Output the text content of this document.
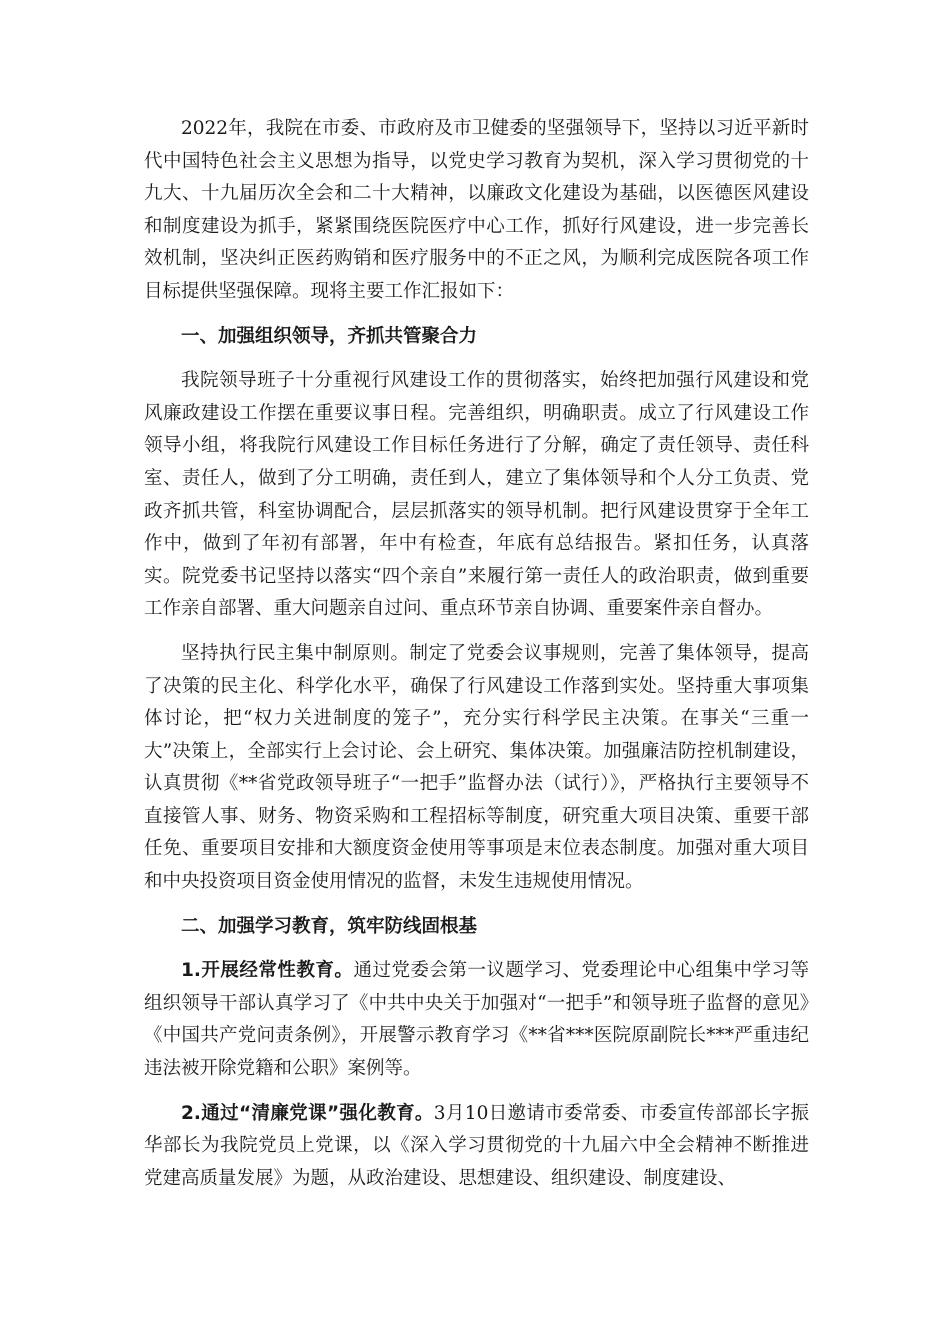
2022年，我院在市委、市政府及市卫健委的坚强领导下，坚持以习近平新时代中国特色社会主义思想为指导，以党史学习教育为契机，深入学习贯彻党的十九大、十九届历次全会和二十大精神，以廉政文化建设为基础，以医德医风建设和制度建设为抓手，紧紧围绕医院医疗中心工作，抓好行风建设，进一步完善长效机制，坚决纠正医药购销和医疗服务中的不正之风，为顺利完成医院各项工作目标提供坚强保障。现将主要工作汇报如下：

一、加强组织领导，齐抓共管聚合力

我院领导班子十分重视行风建设工作的贯彻落实，始终把加强行风建设和党风廉政建设工作摆在重要议事日程。完善组织，明确职责。成立了行风建设工作领导小组，将我院行风建设工作目标任务进行了分解，确定了责任领导、责任科室、责任人，做到了分工明确，责任到人，建立了集体领导和个人分工负责、党政齐抓共管，科室协调配合，层层抓落实的领导机制。把行风建设贯穿于全年工作中，做到了年初有部署，年中有检查，年底有总结报告。紧扣任务，认真落实。院党委书记坚持以落实“四个亲自”来履行第一责任人的政治职责，做到重要工作亲自部署、重大问题亲自过问、重点环节亲自协调、重要案件亲自督办。

坚持执行民主集中制原则。制定了党委会议事规则，完善了集体领导，提高了决策的民主化、科学化水平，确保了行风建设工作落到实处。坚持重大事项集体讨论，把“权力关进制度的笼子”，充分实行科学民主决策。在事关“三重一大”决策上，全部实行上会讨论、会上研究、集体决策。加强廉洁防控机制建设，认真贯彻《**省党政领导班子“一把手”监督办法（试行）》，严格执行主要领导不直接管人事、财务、物资采购和工程招标等制度，研究重大项目决策、重要干部任免、重要项目安排和大额度资金使用等事项是末位表态制度。加强对重大项目和中央投资项目资金使用情况的监督，未发生违规使用情况。

二、加强学习教育，筑牢防线固根基

1.开展经常性教育。通过党委会第一议题学习、党委理论中心组集中学习等组织领导干部认真学习了《中共中央关于加强对“一把手”和领导班子监督的意见》《中国共产党问责条例》，开展警示教育学习《**省***医院原副院长***严重违纪违法被开除党籍和公职》案例等。

2.通过“清廉党课”强化教育。3月10日邀请市委常委、市委宣传部部长字振华部长为我院党员上党课，以《深入学习贯彻党的十九届六中全会精神不断推进党建高质量发展》为题，从政治建设、思想建设、组织建设、制度建设、
